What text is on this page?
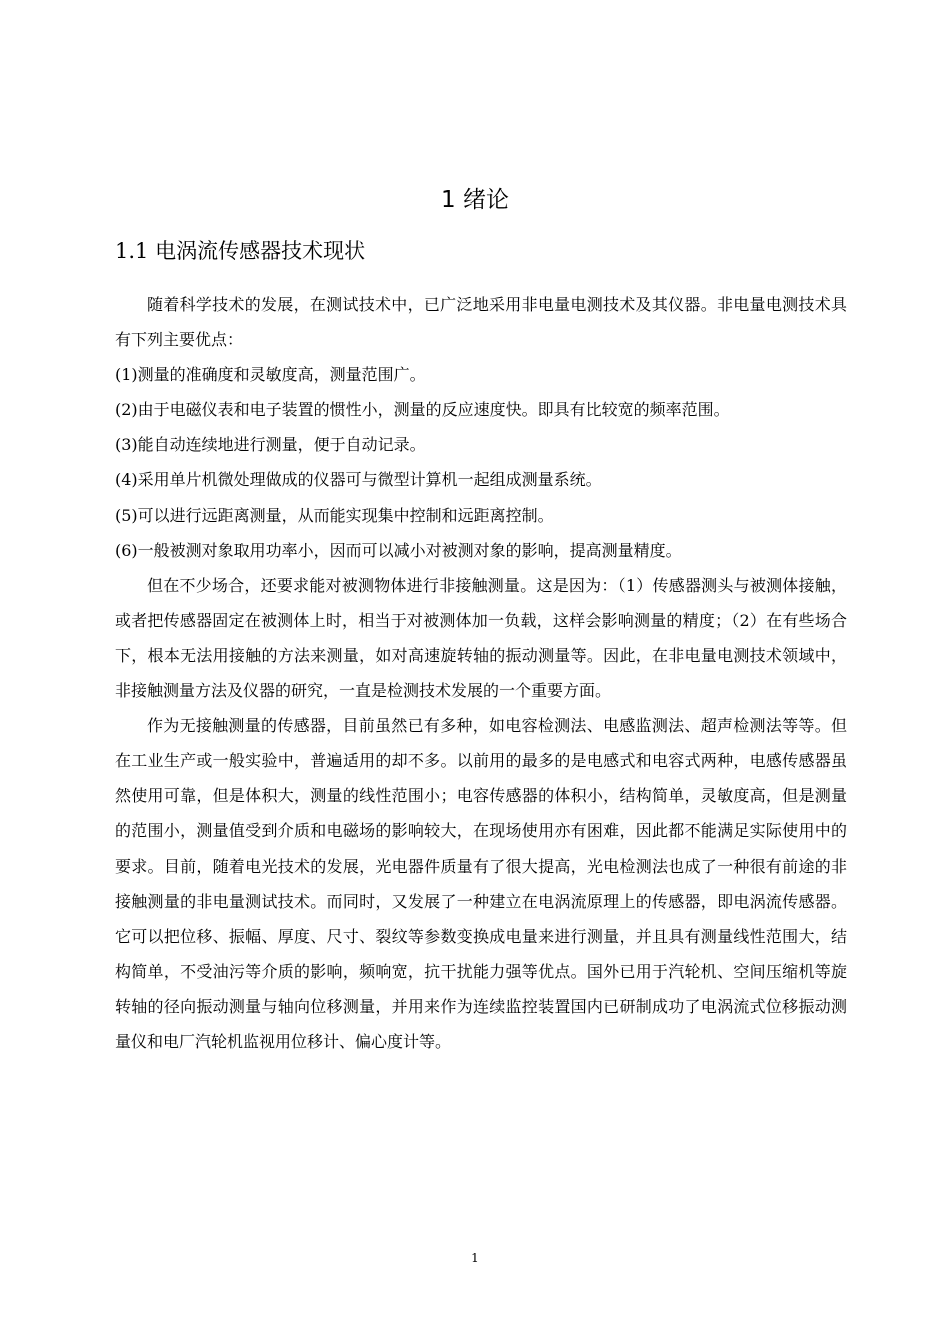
1 绪论
1.1 电涡流传感器技术现状

随着科学技术的发展，在测试技术中，已广泛地采用非电量电测技术及其仪器。非电量电测技术具有下列主要优点：

(1)测量的准确度和灵敏度高，测量范围广。

(2)由于电磁仪表和电子装置的惯性小，测量的反应速度快。即具有比较宽的频率范围。

(3)能自动连续地进行测量，便于自动记录。

(4)采用单片机微处理做成的仪器可与微型计算机一起组成测量系统。

(5)可以进行远距离测量，从而能实现集中控制和远距离控制。

(6)一般被测对象取用功率小，因而可以减小对被测对象的影响，提高测量精度。

但在不少场合，还要求能对被测物体进行非接触测量。这是因为：（1）传感器测头与被测体接触，或者把传感器固定在被测体上时，相当于对被测体加一负载，这样会影响测量的精度；（2）在有些场合下，根本无法用接触的方法来测量，如对高速旋转轴的振动测量等。因此，在非电量电测技术领域中，非接触测量方法及仪器的研究，一直是检测技术发展的一个重要方面。

作为无接触测量的传感器，目前虽然已有多种，如电容检测法、电感监测法、超声检测法等等。但在工业生产或一般实验中，普遍适用的却不多。以前用的最多的是电感式和电容式两种，电感传感器虽然使用可靠，但是体积大，测量的线性范围小；电容传感器的体积小，结构简单，灵敏度高，但是测量的范围小，测量值受到介质和电磁场的影响较大，在现场使用亦有困难，因此都不能满足实际使用中的要求。目前，随着电光技术的发展，光电器件质量有了很大提高，光电检测法也成了一种很有前途的非接触测量的非电量测试技术。而同时，又发展了一种建立在电涡流原理上的传感器，即电涡流传感器。它可以把位移、振幅、厚度、尺寸、裂纹等参数变换成电量来进行测量，并且具有测量线性范围大，结构简单，不受油污等介质的影响，频响宽，抗干扰能力强等优点。国外已用于汽轮机、空间压缩机等旋转轴的径向振动测量与轴向位移测量，并用来作为连续监控装置国内已研制成功了电涡流式位移振动测量仪和电厂汽轮机监视用位移计、偏心度计等。

1
